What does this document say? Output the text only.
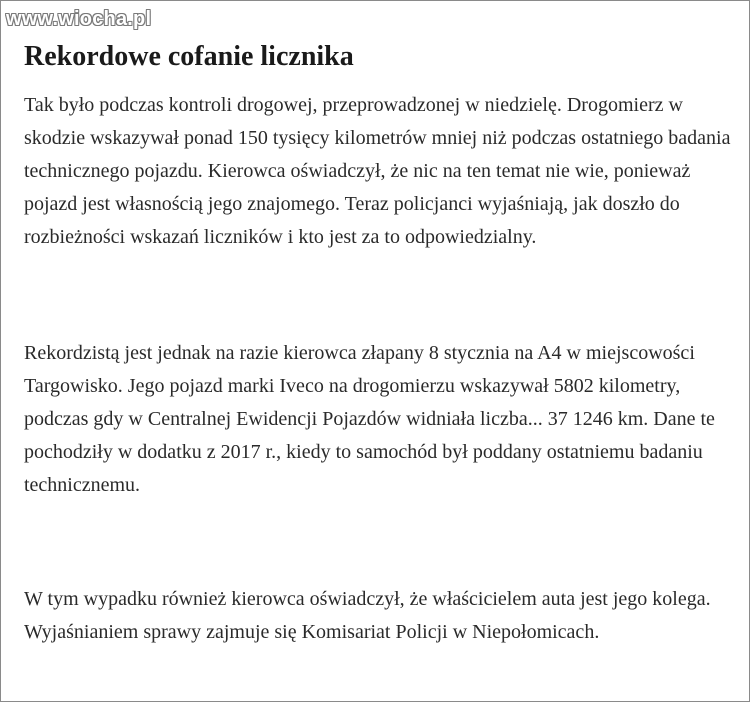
www.wiocha.pl
Rekordowe cofanie licznika

Tak było podczas kontroli drogowej, przeprowadzonej w niedzielę. Drogomierz w skodzie wskazywał ponad 150 tysięcy kilometrów mniej niż podczas ostatniego badania technicznego pojazdu. Kierowca oświadczył, że nic na ten temat nie wie, ponieważ pojazd jest własnością jego znajomego. Teraz policjanci wyjaśniają, jak doszło do rozbieżności wskazań liczników i kto jest za to odpowiedzialny.

Rekordzistą jest jednak na razie kierowca złapany 8 stycznia na A4 w miejscowości Targowisko. Jego pojazd marki Iveco na drogomierzu wskazywał 5802 kilometry, podczas gdy w Centralnej Ewidencji Pojazdów widniała liczba... 37 1246 km. Dane te pochodziły w dodatku z 2017 r., kiedy to samochód był poddany ostatniemu badaniu technicznemu.

W tym wypadku również kierowca oświadczył, że właścicielem auta jest jego kolega. Wyjaśnianiem sprawy zajmuje się Komisariat Policji w Niepołomicach.
